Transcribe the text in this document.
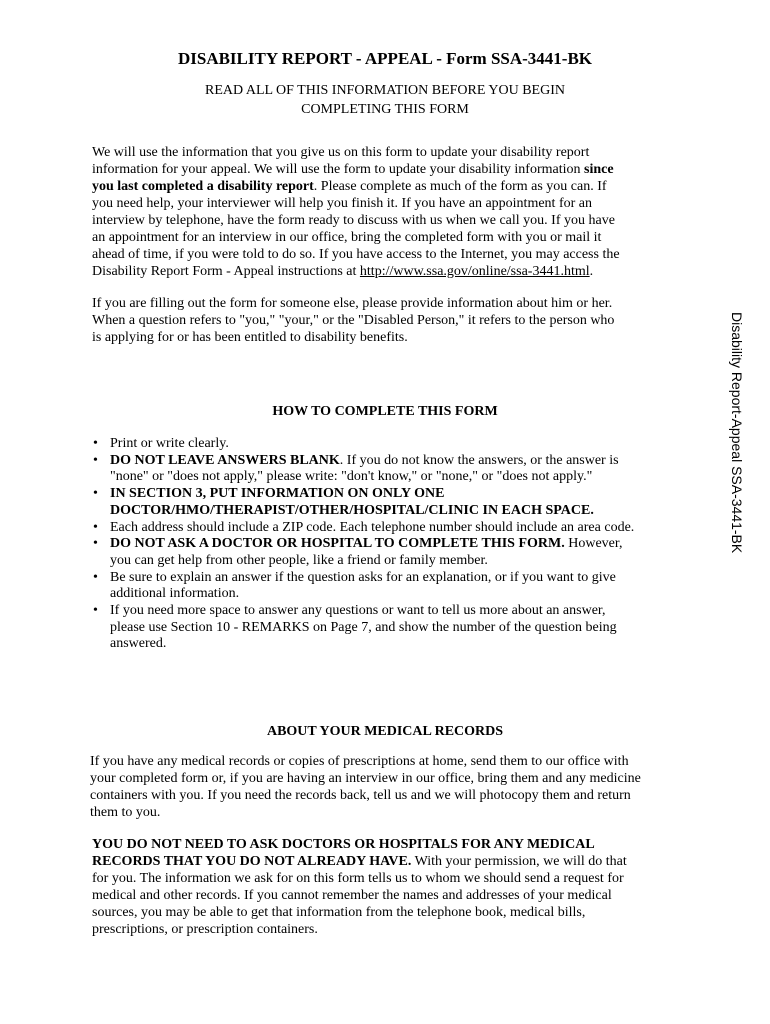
DISABILITY REPORT - APPEAL - Form SSA-3441-BK
READ ALL OF THIS INFORMATION BEFORE YOU BEGIN
COMPLETING THIS FORM
We will use the information that you give us on this form to update your disability report
information for your appeal. We will use the form to update your disability information since
you last completed a disability report. Please complete as much of the form as you can. If
you need help, your interviewer will help you finish it. If you have an appointment for an
interview by telephone, have the form ready to discuss with us when we call you. If you have
an appointment for an interview in our office, bring the completed form with you or mail it
ahead of time, if you were told to do so. If you have access to the Internet, you may access the
Disability Report Form - Appeal instructions at http://www.ssa.gov/online/ssa-3441.html.
If you are filling out the form for someone else, please provide information about him or her.
When a question refers to "you," "your," or the "Disabled Person," it refers to the person who
is applying for or has been entitled to disability benefits.	Disability Report-Appeal SSA-3441-BK
HOW TO COMPLETE THIS FORM
• Print or write clearly.
• DO NOT LEAVE ANSWERS BLANK. If you do not know the answers, or the answer is
"none" or "does not apply," please write: "don't know," or "none," or "does not apply."
• IN SECTION 3, PUT INFORMATION ON ONLY ONE
DOCTOR/HMO/THERAPIST/OTHER/HOSPITAL/CLINIC IN EACH SPACE.
• Each address should include a ZIP code. Each telephone number should include an area code.
• DO NOT ASK A DOCTOR OR HOSPITAL TO COMPLETE THIS FORM. However,
you can get help from other people, like a friend or family member.
• Be sure to explain an answer if the question asks for an explanation, or if you want to give
additional information.
• If you need more space to answer any questions or want to tell us more about an answer,
please use Section 10 - REMARKS on Page 7, and show the number of the question being
answered.
ABOUT YOUR MEDICAL RECORDS
If you have any medical records or copies of prescriptions at home, send them to our office with
your completed form or, if you are having an interview in our office, bring them and any medicine
containers with you. If you need the records back, tell us and we will photocopy them and return
them to you.
YOU DO NOT NEED TO ASK DOCTORS OR HOSPITALS FOR ANY MEDICAL
RECORDS THAT YOU DO NOT ALREADY HAVE. With your permission, we will do that
for you. The information we ask for on this form tells us to whom we should send a request for
medical and other records. If you cannot remember the names and addresses of your medical
sources, you may be able to get that information from the telephone book, medical bills,
prescriptions, or prescription containers.
